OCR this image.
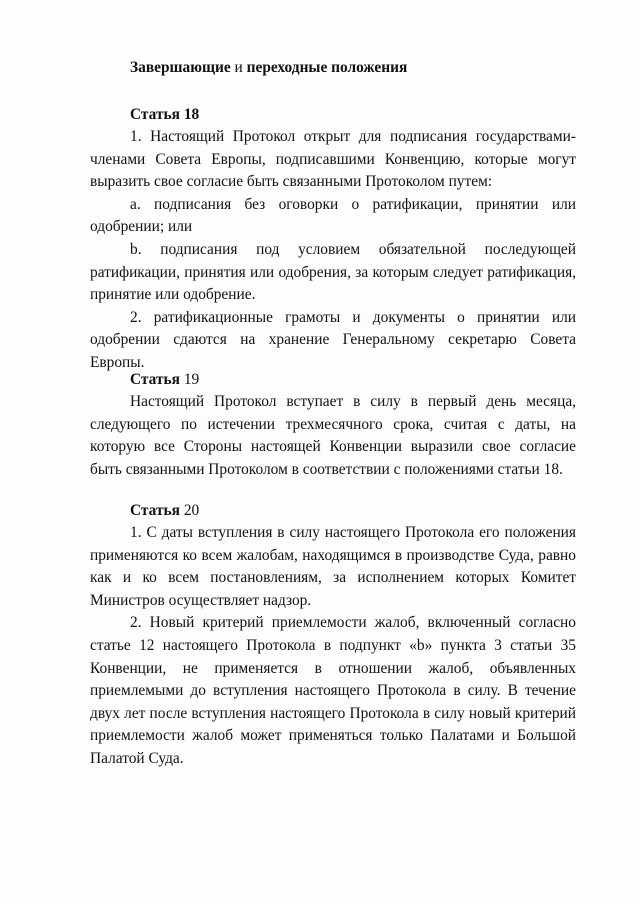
Завершающие и переходные положения
Статья 18

1. Настоящий Протокол открыт для подписания государствами-членами Совета Европы, подписавшими Конвенцию, которые могут выразить свое согласие быть связанными Протоколом путем:

a. подписания без оговорки о ратификации, принятии или одобрении; или

b. подписания под условием обязательной последующей ратификации, принятия или одобрения, за которым следует ратификация, принятие или одобрение.

2. ратификационные грамоты и документы о принятии или одобрении сдаются на хранение Генеральному секретарю Совета Европы.

Статья 19

Настоящий Протокол вступает в силу в первый день месяца, следующего по истечении трехмесячного срока, считая с даты, на которую все Стороны настоящей Конвенции выразили свое согласие быть связанными Протоколом в соответствии с положениями статьи 18.

Статья 20

1. С даты вступления в силу настоящего Протокола его положения применяются ко всем жалобам, находящимся в производстве Суда, равно как и ко всем постановлениям, за исполнением которых Комитет Министров осуществляет надзор.

2. Новый критерий приемлемости жалоб, включенный согласно статье 12 настоящего Протокола в подпункт «b» пункта 3 статьи 35 Конвенции, не применяется в отношении жалоб, объявленных приемлемыми до вступления настоящего Протокола в силу. В течение двух лет после вступления настоящего Протокола в силу новый критерий приемлемости жалоб может применяться только Палатами и Большой Палатой Суда.
